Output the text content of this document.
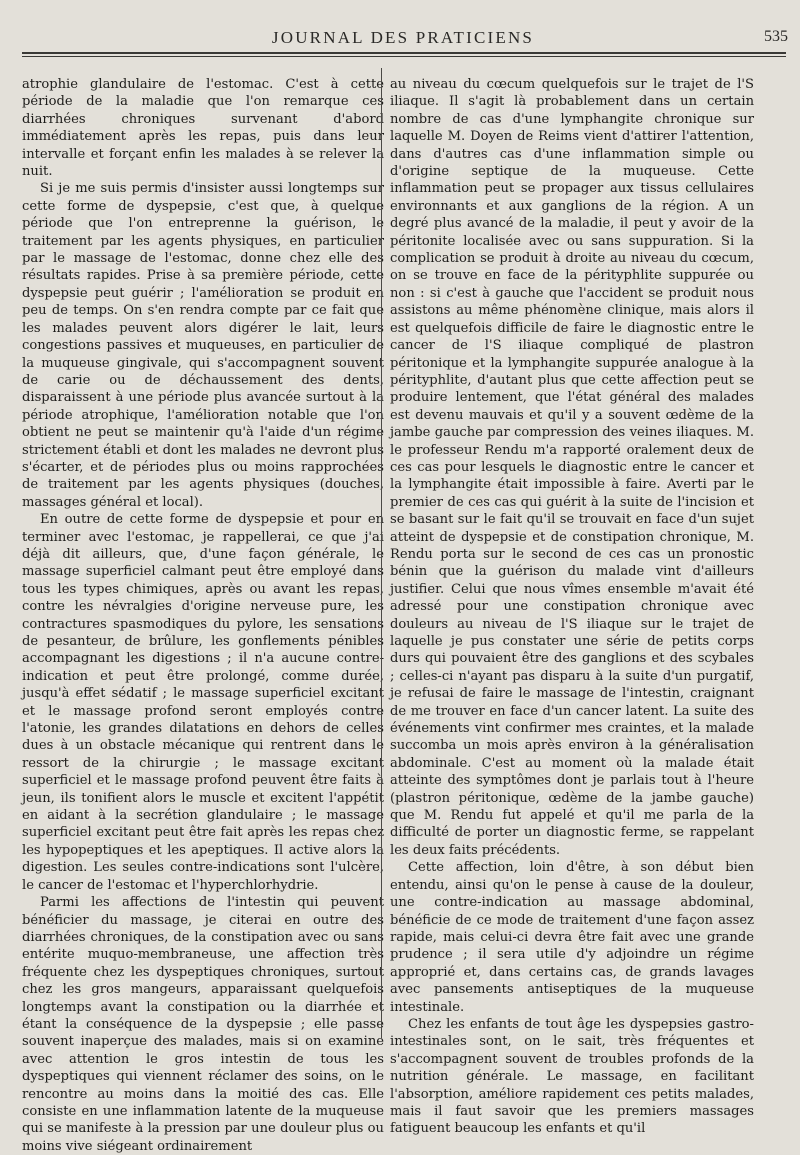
JOURNAL DES PRATICIENS	535

atrophie glandulaire de l'estomac. C'est à cette période de la maladie que l'on remarque ces diarrhées chroniques survenant d'abord immédiatement après les repas, puis dans leur intervalle et forçant enfin les malades à se relever la nuit.

Si je me suis permis d'insister aussi longtemps sur cette forme de dyspepsie, c'est que, à quelque période que l'on entreprenne la guérison, le traitement par les agents physiques, en particulier par le massage de l'estomac, donne chez elle des résultats rapides. Prise à sa première période, cette dyspepsie peut guérir ; l'amélioration se produit en peu de temps. On s'en rendra compte par ce fait que les malades peuvent alors digérer le lait, leurs congestions passives et muqueuses, en particulier de la muqueuse gingivale, qui s'accompagnent souvent de carie ou de déchaussement des dents, disparaissent à une période plus avancée surtout à la période atrophique, l'amélioration notable que l'on obtient ne peut se maintenir qu'à l'aide d'un régime strictement établi et dont les malades ne devront plus s'écarter, et de périodes plus ou moins rapprochées de traitement par les agents physiques (douches, massages général et local).

En outre de cette forme de dyspepsie et pour en terminer avec l'estomac, je rappellerai, ce que j'ai déjà dit ailleurs, que, d'une façon générale, le massage superficiel calmant peut être employé dans tous les types chimiques, après ou avant les repas, contre les névralgies d'origine nerveuse pure, les contractures spasmodiques du pylore, les sensations de pesanteur, de brûlure, les gonflements pénibles accompagnant les digestions ; il n'a aucune contre-indication et peut être prolongé, comme durée, jusqu'à effet sédatif ; le massage superficiel excitant et le massage profond seront employés contre l'atonie, les grandes dilatations en dehors de celles dues à un obstacle mécanique qui rentrent dans le ressort de la chirurgie ; le massage excitant superficiel et le massage profond peuvent être faits à jeun, ils tonifient alors le muscle et excitent l'appétit en aidant à la secrétion glandulaire ; le massage superficiel excitant peut être fait après les repas chez les hypopeptiques et les apeptiques. Il active alors la digestion. Les seules contre-indications sont l'ulcère, le cancer de l'estomac et l'hyperchlorhydrie.

Parmi les affections de l'intestin qui peuvent bénéficier du massage, je citerai en outre des diarrhées chroniques, de la constipation avec ou sans entérite muquo-membraneuse, une affection très fréquente chez les dyspeptiques chroniques, surtout chez les gros mangeurs, apparaissant quelquefois longtemps avant la constipation ou la diarrhée et étant la conséquence de la dyspepsie ; elle passe souvent inaperçue des malades, mais si on examine avec attention le gros intestin de tous les dyspeptiques qui viennent réclamer des soins, on le rencontre au moins dans la moitié des cas. Elle consiste en une inflammation latente de la muqueuse qui se manifeste à la pression par une douleur plus ou moins vive siégeant ordinairement

au niveau du cœcum quelquefois sur le trajet de l'S iliaque. Il s'agit là probablement dans un certain nombre de cas d'une lymphangite chronique sur laquelle M. Doyen de Reims vient d'attirer l'attention, dans d'autres cas d'une inflammation simple ou d'origine septique de la muqueuse. Cette inflammation peut se propager aux tissus cellulaires environnants et aux ganglions de la région. A un degré plus avancé de la maladie, il peut y avoir de la péritonite localisée avec ou sans suppuration. Si la complication se produit à droite au niveau du cœcum, on se trouve en face de la pérityphlite suppurée ou non : si c'est à gauche que l'accident se produit nous assistons au même phénomène clinique, mais alors il est quelquefois difficile de faire le diagnostic entre le cancer de l'S iliaque compliqué de plastron péritonique et la lymphangite suppurée analogue à la pérityphlite, d'autant plus que cette affection peut se produire lentement, que l'état général des malades est devenu mauvais et qu'il y a souvent œdème de la jambe gauche par compression des veines iliaques. M. le professeur Rendu m'a rapporté oralement deux de ces cas pour lesquels le diagnostic entre le cancer et la lymphangite était impossible à faire. Averti par le premier de ces cas qui guérit à la suite de l'incision et se basant sur le fait qu'il se trouvait en face d'un sujet atteint de dyspepsie et de constipation chronique, M. Rendu porta sur le second de ces cas un pronostic bénin que la guérison du malade vint d'ailleurs justifier. Celui que nous vîmes ensemble m'avait été adressé pour une constipation chronique avec douleurs au niveau de l'S iliaque sur le trajet de laquelle je pus constater une série de petits corps durs qui pouvaient être des ganglions et des scybales ; celles-ci n'ayant pas disparu à la suite d'un purgatif, je refusai de faire le massage de l'intestin, craignant de me trouver en face d'un cancer latent. La suite des événements vint confirmer mes craintes, et la malade succomba un mois après environ à la généralisation abdominale. C'est au moment où la malade était atteinte des symptômes dont je parlais tout à l'heure (plastron péritonique, œdème de la jambe gauche) que M. Rendu fut appelé et qu'il me parla de la difficulté de porter un diagnostic ferme, se rappelant les deux faits précédents.

Cette affection, loin d'être, à son début bien entendu, ainsi qu'on le pense à cause de la douleur, une contre-indication au massage abdominal, bénéficie de ce mode de traitement d'une façon assez rapide, mais celui-ci devra être fait avec une grande prudence ; il sera utile d'y adjoindre un régime approprié et, dans certains cas, de grands lavages avec pansements antiseptiques de la muqueuse intestinale.

Chez les enfants de tout âge les dyspepsies gastro-intestinales sont, on le sait, très fréquentes et s'accompagnent souvent de troubles profonds de la nutrition générale. Le massage, en facilitant l'absorption, améliore rapidement ces petits malades, mais il faut savoir que les premiers massages fatiguent beaucoup les enfants et qu'il
